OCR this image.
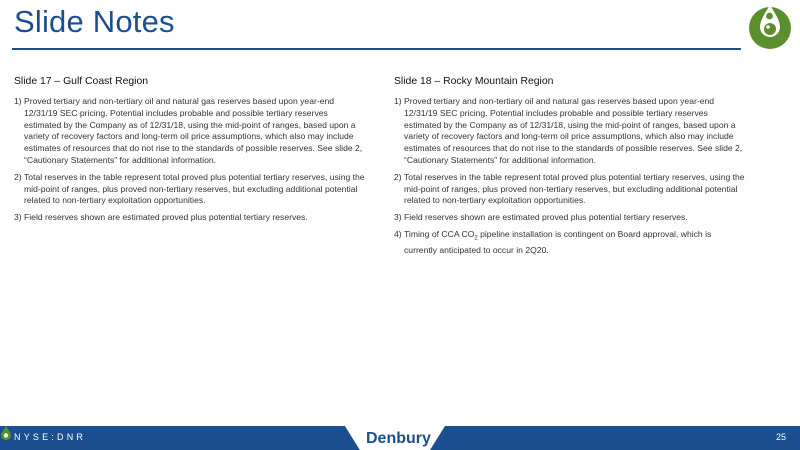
Slide Notes
Slide 17 – Gulf Coast Region
1) Proved tertiary and non-tertiary oil and natural gas reserves based upon year-end 12/31/19 SEC pricing. Potential includes probable and possible tertiary reserves estimated by the Company as of 12/31/18, using the mid-point of ranges, based upon a variety of recovery factors and long-term oil price assumptions, which also may include estimates of resources that do not rise to the standards of possible reserves. See slide 2, “Cautionary Statements” for additional information.
2) Total reserves in the table represent total proved plus potential tertiary reserves, using the mid-point of ranges, plus proved non-tertiary reserves, but excluding additional potential related to non-tertiary exploitation opportunities.
3) Field reserves shown are estimated proved plus potential tertiary reserves.
Slide 18 – Rocky Mountain Region
1) Proved tertiary and non-tertiary oil and natural gas reserves based upon year-end 12/31/19 SEC pricing. Potential includes probable and possible tertiary reserves estimated by the Company as of 12/31/18, using the mid-point of ranges, based upon a variety of recovery factors and long-term oil price assumptions, which also may include estimates of resources that do not rise to the standards of possible reserves. See slide 2, “Cautionary Statements” for additional information.
2) Total reserves in the table represent total proved plus potential tertiary reserves, using the mid-point of ranges, plus proved non-tertiary reserves, but excluding additional potential related to non-tertiary exploitation opportunities.
3) Field reserves shown are estimated proved plus potential tertiary reserves.
4) Timing of CCA $CO_2$ pipeline installation is contingent on Board approval, which is currently anticipated to occur in 2Q20.
NYSE:DNR	Denbury	25
